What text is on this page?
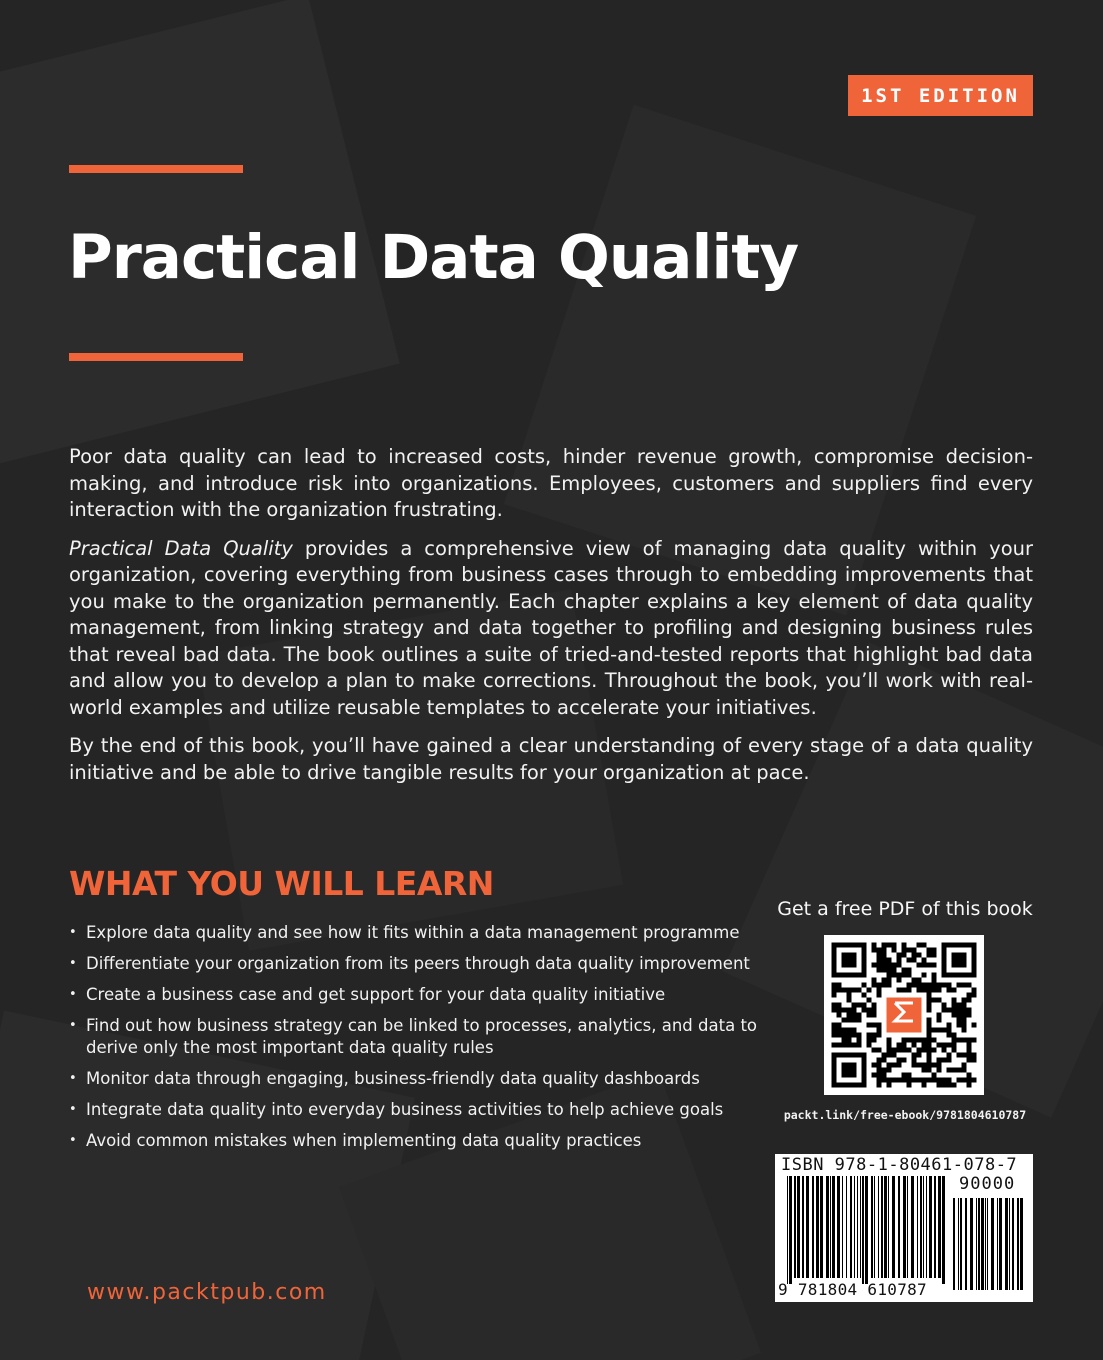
1ST EDITION
Practical Data Quality

Poor data quality can lead to increased costs, hinder revenue growth, compromise decision-making, and introduce risk into organizations. Employees, customers and suppliers find every interaction with the organization frustrating.

Practical Data Quality provides a comprehensive view of managing data quality within your organization, covering everything from business cases through to embedding improvements that you make to the organization permanently. Each chapter explains a key element of data quality management, from linking strategy and data together to profiling and designing business rules that reveal bad data. The book outlines a suite of tried-and-tested reports that highlight bad data and allow you to develop a plan to make corrections. Throughout the book, you’ll work with real-world examples and utilize reusable templates to accelerate your initiatives.

By the end of this book, you’ll have gained a clear understanding of every stage of a data quality initiative and be able to drive tangible results for your organization at pace.

WHAT YOU WILL LEARN
• Explore data quality and see how it fits within a data management programme
• Differentiate your organization from its peers through data quality improvement
• Create a business case and get support for your data quality initiative
• Find out how business strategy can be linked to processes, analytics, and data to derive only the most important data quality rules
• Monitor data through engaging, business-friendly data quality dashboards
• Integrate data quality into everyday business activities to help achieve goals
• Avoid common mistakes when implementing data quality practices
www.packtpub.com
Get a free PDF of this book
packt.link/free-ebook/9781804610787
ISBN 978-1-80461-078-7
90000
9 781804 610787
